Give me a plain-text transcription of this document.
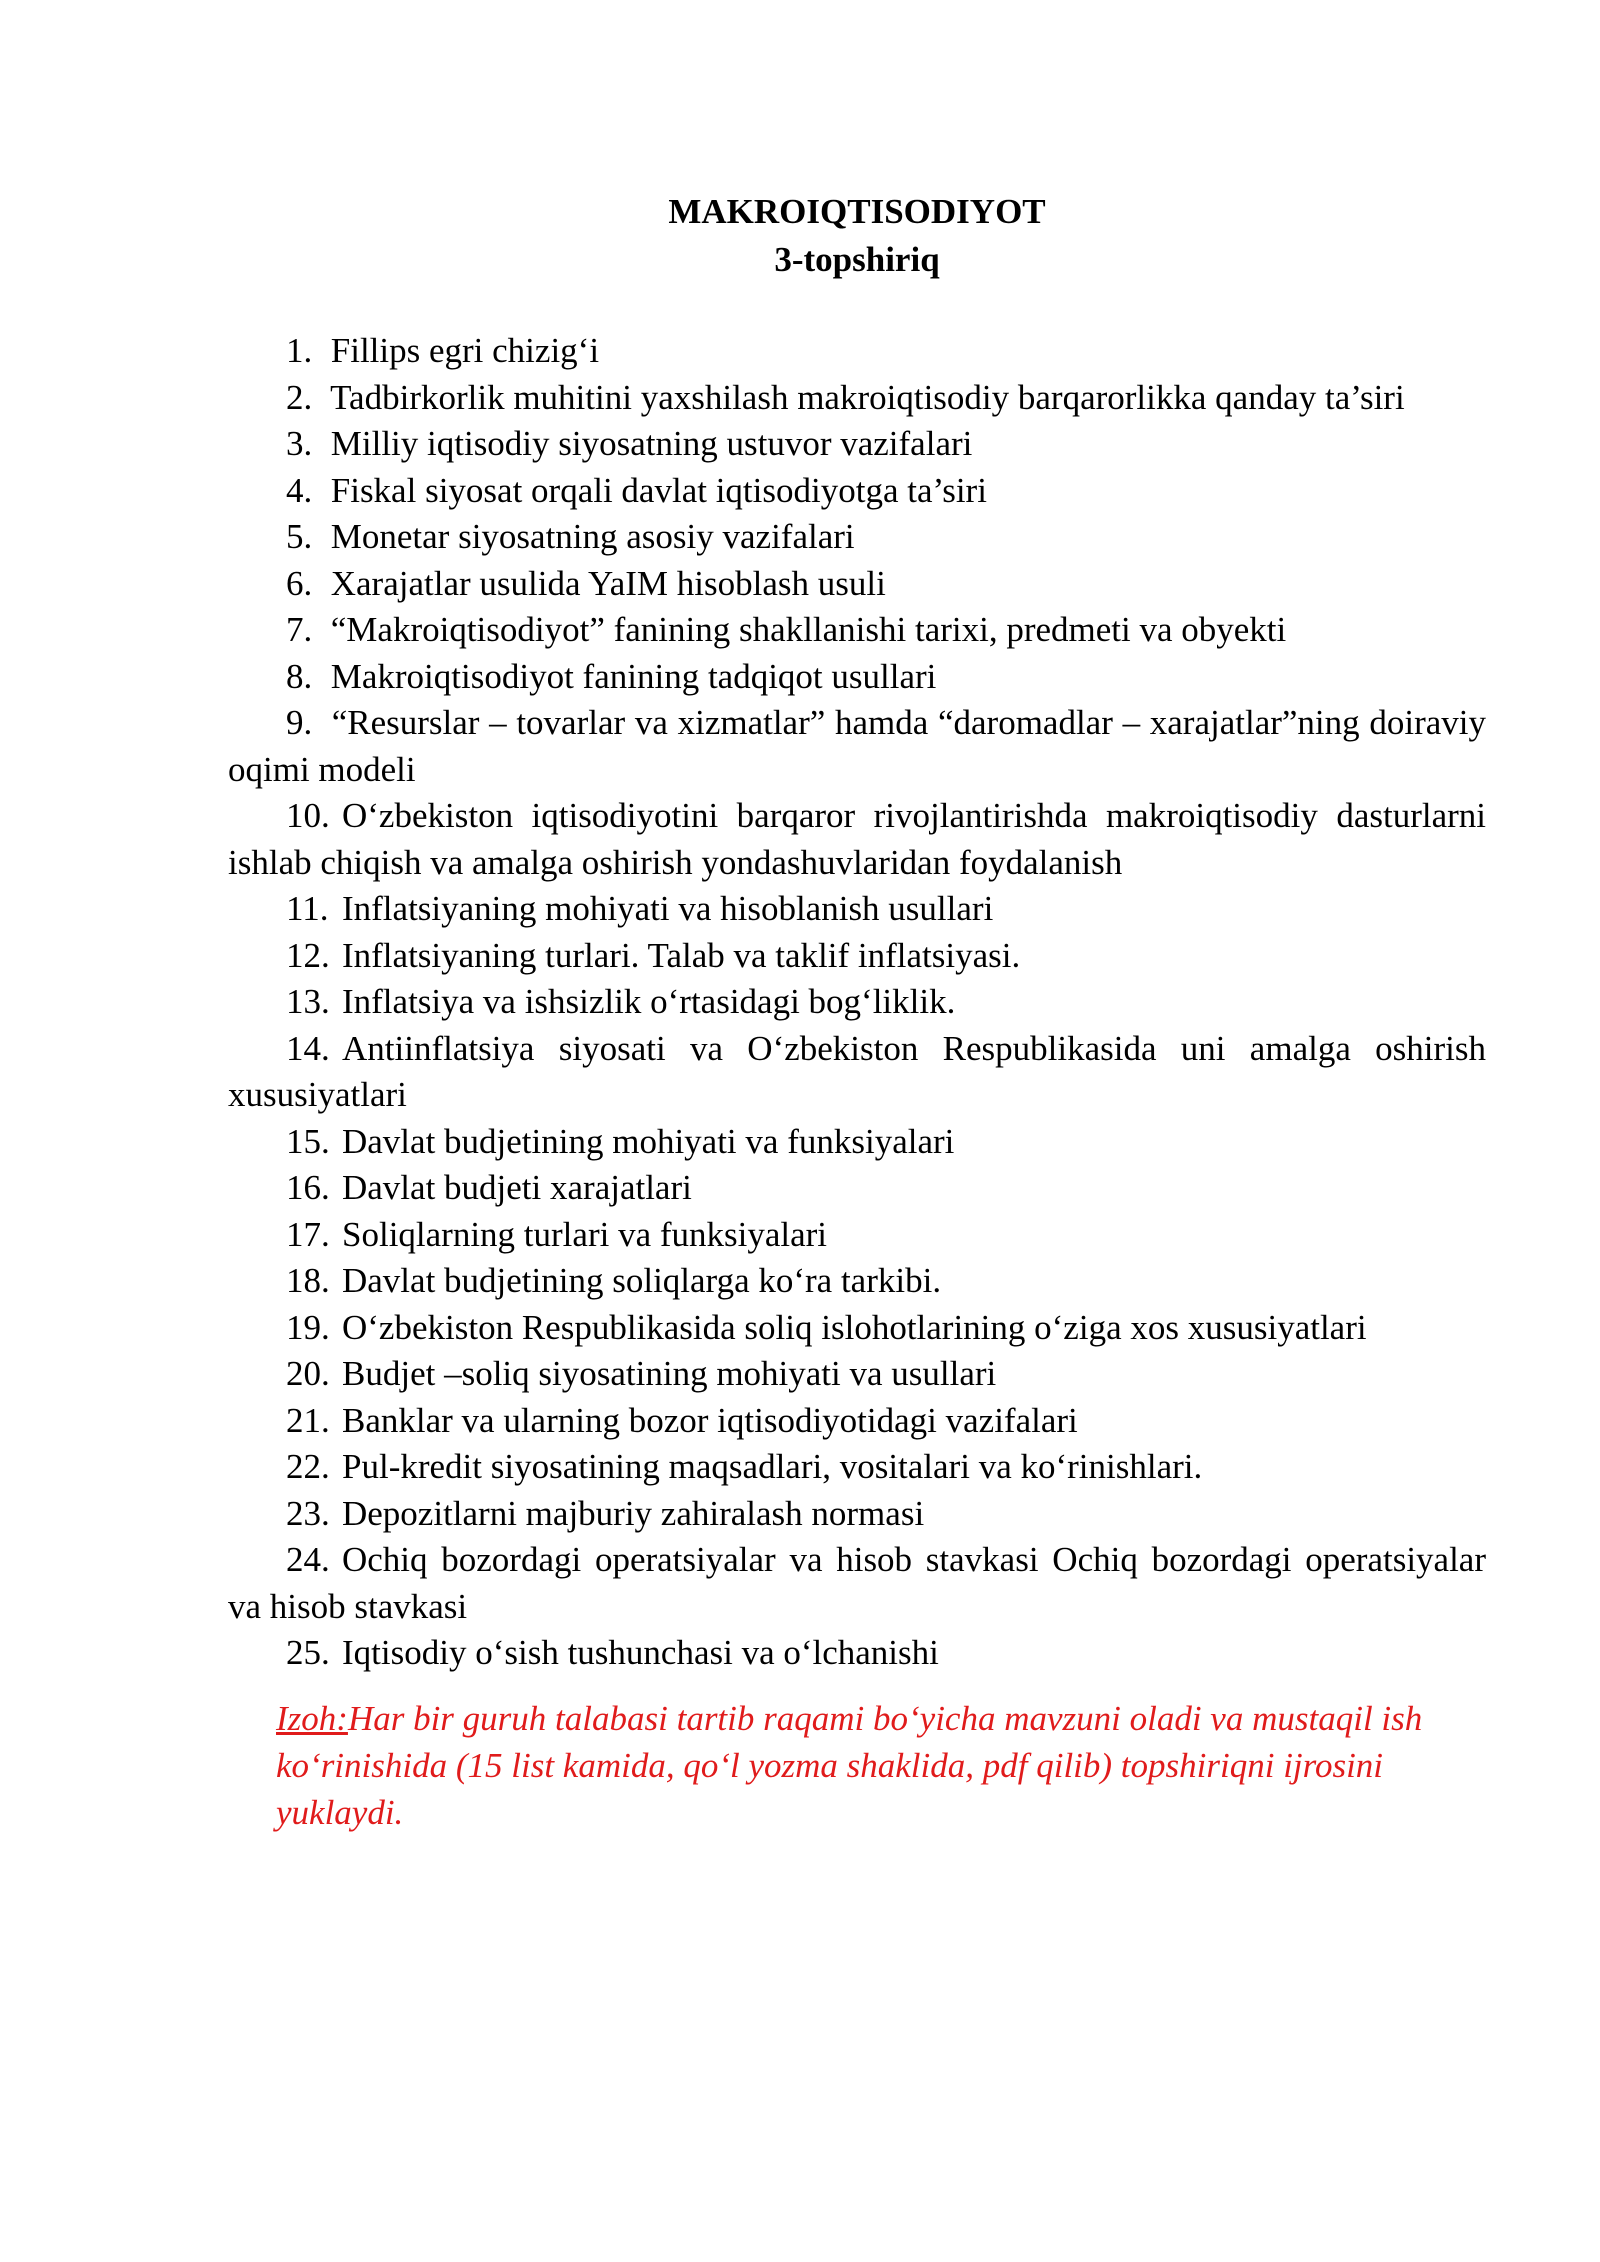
MAKROIQTISODIYOT
3-topshiriq
1. Fillips egri chizig‘i
2. Tadbirkorlik muhitini yaxshilash makroiqtisodiy barqarorlikka qanday ta’siri
3. Milliy iqtisodiy siyosatning ustuvor vazifalari
4. Fiskal siyosat orqali davlat iqtisodiyotga ta’siri
5. Monetar siyosatning asosiy vazifalari
6. Xarajatlar usulida YaIM hisoblash usuli
7. “Makroiqtisodiyot” fanining shakllanishi tarixi, predmeti va obyekti
8. Makroiqtisodiyot fanining tadqiqot usullari
9. “Resurslar – tovarlar va xizmatlar” hamda “daromadlar – xarajatlar”ning doiraviy oqimi modeli
10. O‘zbekiston iqtisodiyotini barqaror rivojlantirishda makroiqtisodiy dasturlarni ishlab chiqish va amalga oshirish yondashuvlaridan foydalanish
11. Inflatsiyaning mohiyati va hisoblanish usullari
12. Inflatsiyaning turlari. Talab va taklif inflatsiyasi.
13. Inflatsiya va ishsizlik o‘rtasidagi bog‘liklik.
14. Antiinflatsiya siyosati va O‘zbekiston Respublikasida uni amalga oshirish xususiyatlari
15. Davlat budjetining mohiyati va funksiyalari
16. Davlat budjeti xarajatlari
17. Soliqlarning turlari va funksiyalari
18. Davlat budjetining soliqlarga ko‘ra tarkibi.
19. O‘zbekiston Respublikasida soliq islohotlarining o‘ziga xos xususiyatlari
20. Budjet –soliq siyosatining mohiyati va usullari
21. Banklar va ularning bozor iqtisodiyotidagi vazifalari
22. Pul-kredit siyosatining maqsadlari, vositalari va ko‘rinishlari.
23. Depozitlarni majburiy zahiralash normasi
24. Ochiq bozordagi operatsiyalar va hisob stavkasi Ochiq bozordagi operatsiyalar va hisob stavkasi
25. Iqtisodiy o‘sish tushunchasi va o‘lchanishi
Izoh:Har bir guruh talabasi tartib raqami bo‘yicha mavzuni oladi va mustaqil ish ko‘rinishida (15 list kamida, qo‘l yozma shaklida, pdf qilib) topshiriqni ijrosini yuklaydi.
